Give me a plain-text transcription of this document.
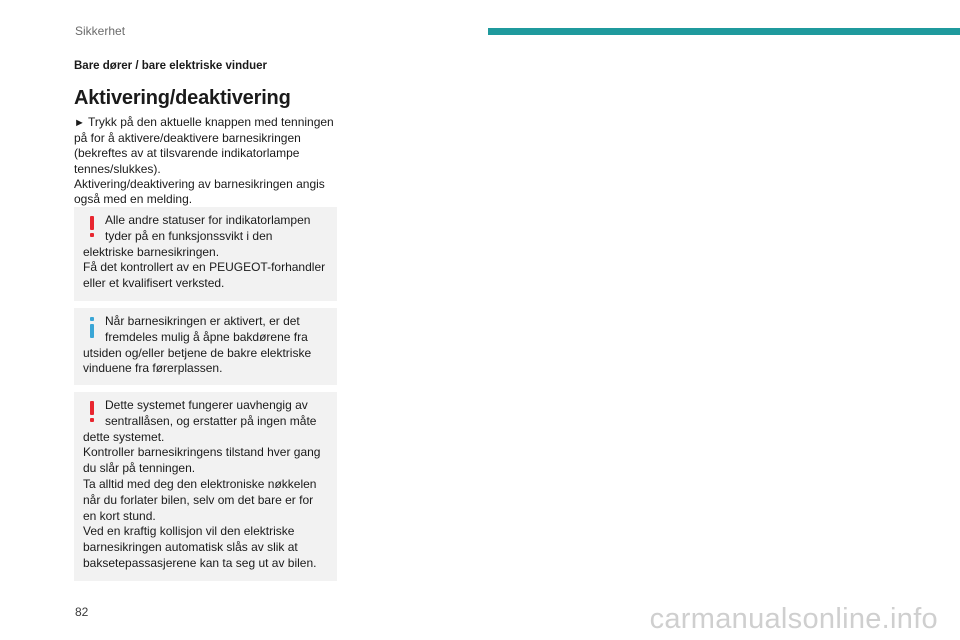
Sikkerhet

Bare dører / bare elektriske vinduer

Aktivering/deaktivering

► Trykk på den aktuelle knappen med tenningen på for å aktivere/deaktivere barnesikringen (bekreftes av at tilsvarende indikatorlampe tennes/slukkes).

Aktivering/deaktivering av barnesikringen angis også med en melding.

Alle andre statuser for indikatorlampen tyder på en funksjonssvikt i den
elektriske barnesikringen.
Få det kontrollert av en PEUGEOT-forhandler eller et kvalifisert verksted.
Når barnesikringen er aktivert, er det fremdeles mulig å åpne bakdørene fra
utsiden og/eller betjene de bakre elektriske vinduene fra førerplassen.
Dette systemet fungerer uavhengig av sentrallåsen, og erstatter på ingen måte
dette systemet.
Kontroller barnesikringens tilstand hver gang du slår på tenningen.
Ta alltid med deg den elektroniske nøkkelen når du forlater bilen, selv om det bare er for en kort stund.
Ved en kraftig kollisjon vil den elektriske barnesikringen automatisk slås av slik at baksetepassasjerene kan ta seg ut av bilen.
82	carmanualsonline.info
